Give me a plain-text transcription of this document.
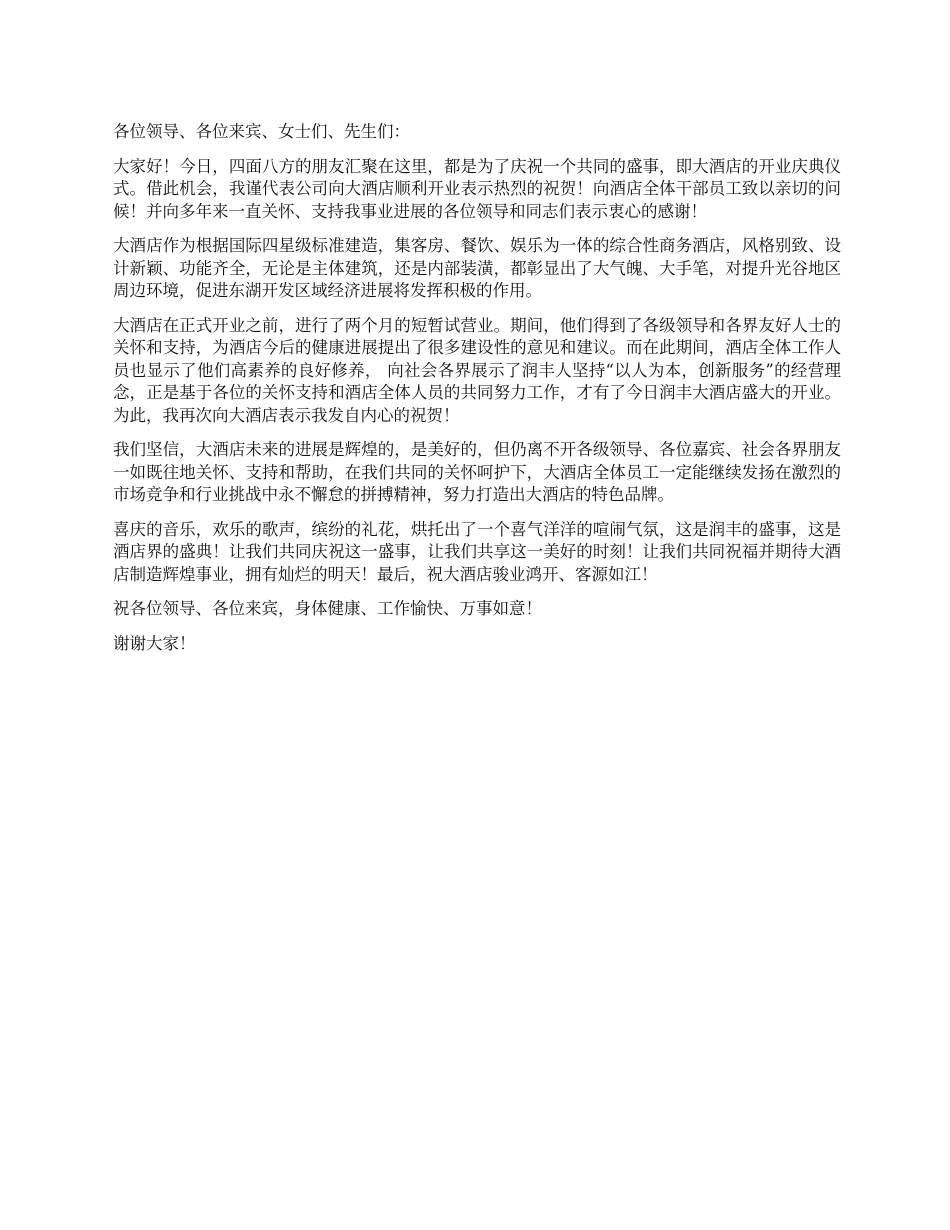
各位领导、各位来宾、女士们、先生们：

大家好！今日，四面八方的朋友汇聚在这里，都是为了庆祝一个共同的盛事，即大酒店的开业庆典仪式。借此机会，我谨代表公司向大酒店顺利开业表示热烈的祝贺！向酒店全体干部员工致以亲切的问候！并向多年来一直关怀、支持我事业进展的各位领导和同志们表示衷心的感谢！

大酒店作为根据国际四星级标准建造，集客房、餐饮、娱乐为一体的综合性商务酒店，风格别致、设计新颖、功能齐全，无论是主体建筑，还是内部装潢，都彰显出了大气魄、大手笔，对提升光谷地区周边环境，促进东湖开发区域经济进展将发挥积极的作用。

大酒店在正式开业之前，进行了两个月的短暂试营业。期间，他们得到了各级领导和各界友好人士的关怀和支持，为酒店今后的健康进展提出了很多建设性的意见和建议。而在此期间，酒店全体工作人员也显示了他们高素养的良好修养， 向社会各界展示了润丰人坚持“以人为本，创新服务”的经营理念，正是基于各位的关怀支持和酒店全体人员的共同努力工作，才有了今日润丰大酒店盛大的开业。为此，我再次向大酒店表示我发自内心的祝贺！

我们坚信，大酒店未来的进展是辉煌的，是美好的，但仍离不开各级领导、各位嘉宾、社会各界朋友一如既往地关怀、支持和帮助，在我们共同的关怀呵护下，大酒店全体员工一定能继续发扬在激烈的市场竞争和行业挑战中永不懈怠的拼搏精神，努力打造出大酒店的特色品牌。

喜庆的音乐，欢乐的歌声，缤纷的礼花，烘托出了一个喜气洋洋的喧闹气氛，这是润丰的盛事，这是酒店界的盛典！让我们共同庆祝这一盛事，让我们共享这一美好的时刻！让我们共同祝福并期待大酒店制造辉煌事业，拥有灿烂的明天！最后，祝大酒店骏业鸿开、客源如江！

祝各位领导、各位来宾，身体健康、工作愉快、万事如意！

谢谢大家！
